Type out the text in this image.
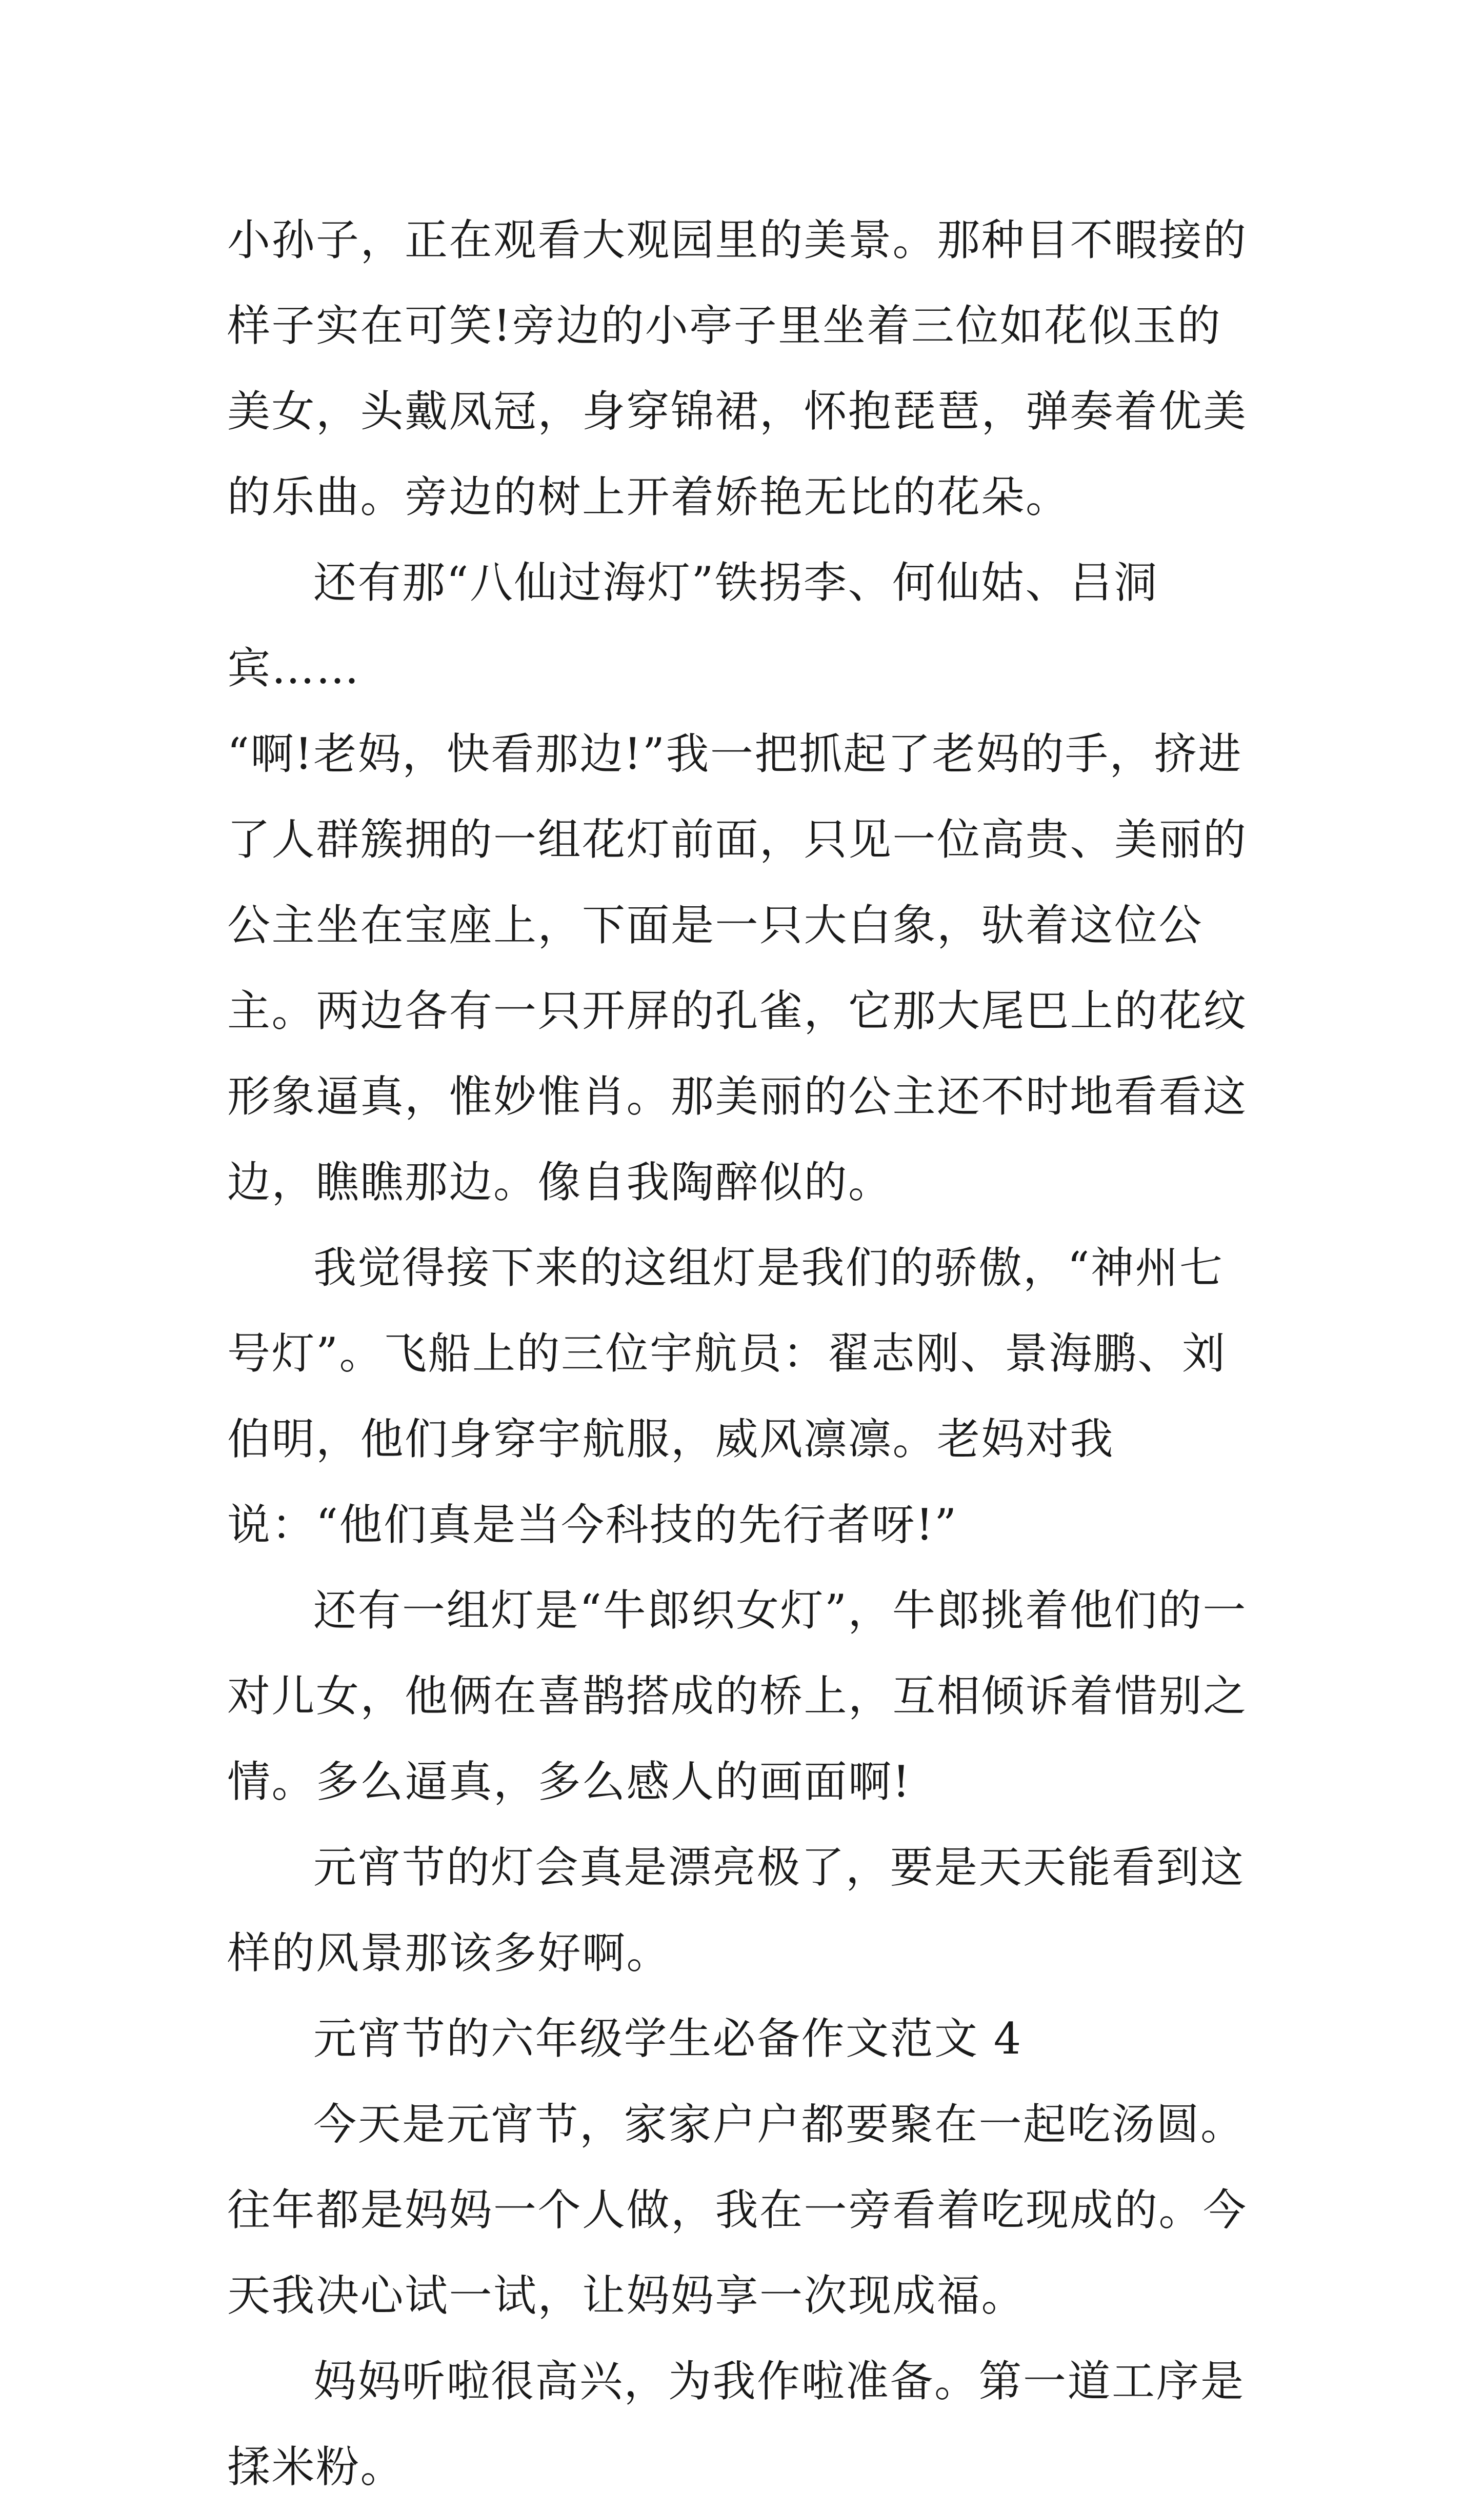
小孙子，正在观看大观园里的美景。那种目不暇接的样子实在可笑!旁边的小亭子里坐着三位如花似玉的美女，头戴凤冠，身穿锦裙，怀抱琵琶，弹奏着优美的乐曲。旁边的树上开着娇艳无比的花朵。

还有那“八仙过海灯”铁拐李、何仙姑、吕洞宾……

“啊!老妈，快看那边!”我一把抓起了老妈的手，挤进了人群簇拥的一组花灯前面，只见一位高贵、美丽的公主坐在宝座上，下面是一只大白象，驮着这位公主。两边各有一只开屏的孔雀，它那大尾巴上的花纹形象逼真，惟妙惟肖。那美丽的公主还不时地看看这边，瞧瞧那边。像自我陶醉似的。

我觉得接下来的这组灯是我们的骄傲，“神州七号灯”。飞船上的三位宇航员：翟志刚、景海鹏、刘伯明，他们身穿宇航服，威风凛凛。老妈对我说：“他们真是当今科技的先行者呀!”

还有一组灯是“牛郎织女灯”，牛郎挑着他们的一对儿女，他俩在喜鹊搭成的桥上，互相倾诉着惜别之情。多么逼真，多么感人的画面啊!

元宵节的灯会真是漂亮极了，要是天天能看到这样的风景那该多好啊。

元宵节的六年级学生必备作文范文 4

今天是元宵节，家家户户都要聚在一起吃汤圆。往年都是妈妈一个人做，我在一旁看着吃现成的。今天我决心试一试，让妈妈享一次现成福。

妈妈听啦很高兴，为我作啦准备。第一道工序是揉米粉。
